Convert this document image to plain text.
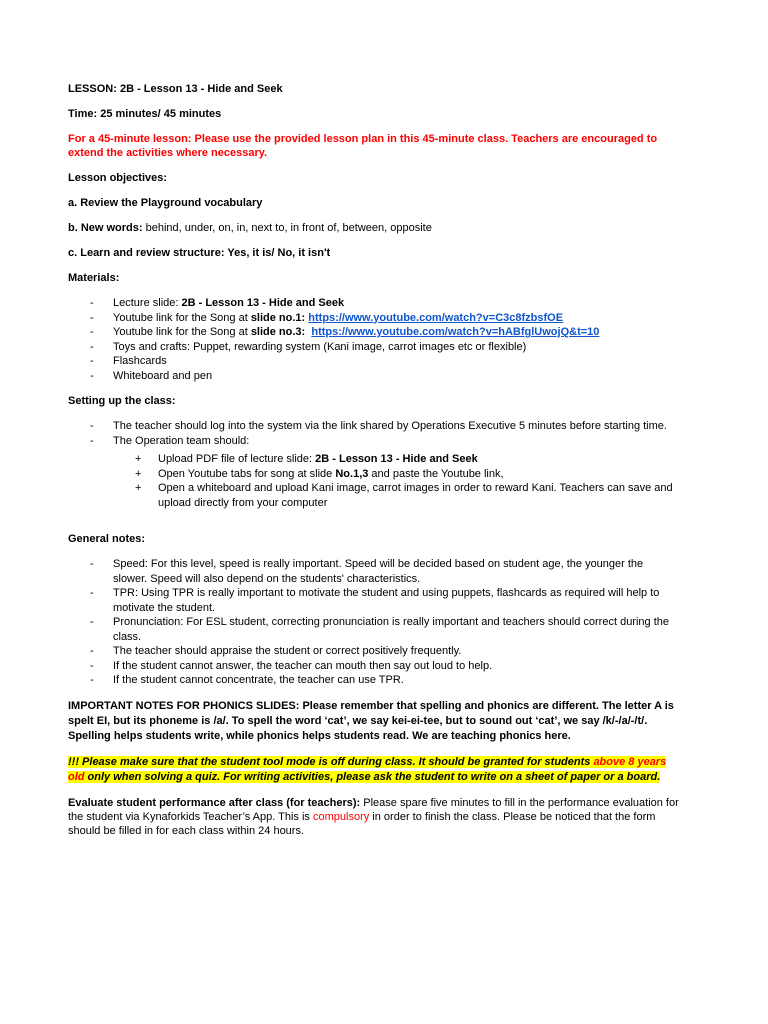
LESSON: 2B - Lesson 13 - Hide and Seek

Time: 25 minutes/ 45 minutes

For a 45-minute lesson: Please use the provided lesson plan in this 45-minute class. Teachers are encouraged to extend the activities where necessary.

Lesson objectives:

a. Review the Playground vocabulary

b. New words: behind, under, on, in, next to, in front of, between, opposite

c. Learn and review structure: Yes, it is/ No, it isn't

Materials:

- Lecture slide: 2B - Lesson 13 - Hide and Seek
- Youtube link for the Song at slide no.1: https://www.youtube.com/watch?v=C3c8fzbsfOE
- Youtube link for the Song at slide no.3: https://www.youtube.com/watch?v=hABfglUwojQ&t=10
- Toys and crafts: Puppet, rewarding system (Kani image, carrot images etc or flexible)
- Flashcards
- Whiteboard and pen

Setting up the class:

- The teacher should log into the system via the link shared by Operations Executive 5 minutes before starting time.
- The Operation team should:
+ Upload PDF file of lecture slide: 2B - Lesson 13 - Hide and Seek
+ Open Youtube tabs for song at slide No.1,3 and paste the Youtube link,
+ Open a whiteboard and upload Kani image, carrot images in order to reward Kani. Teachers can save and upload directly from your computer

General notes:

- Speed: For this level, speed is really important. Speed will be decided based on student age, the younger the slower. Speed will also depend on the students' characteristics.
- TPR: Using TPR is really important to motivate the student and using puppets, flashcards as required will help to motivate the student.
- Pronunciation: For ESL student, correcting pronunciation is really important and teachers should correct during the class.
- The teacher should appraise the student or correct positively frequently.
- If the student cannot answer, the teacher can mouth then say out loud to help.
- If the student cannot concentrate, the teacher can use TPR.

IMPORTANT NOTES FOR PHONICS SLIDES: Please remember that spelling and phonics are different. The letter A is spelt EI, but its phoneme is /a/. To spell the word ‘cat’, we say kei-ei-tee, but to sound out ‘cat’, we say /k/-/a/-/t/. Spelling helps students write, while phonics helps students read. We are teaching phonics here.

!!! Please make sure that the student tool mode is off during class. It should be granted for students above 8 years old only when solving a quiz. For writing activities, please ask the student to write on a sheet of paper or a board.

Evaluate student performance after class (for teachers): Please spare five minutes to fill in the performance evaluation for the student via Kynaforkids Teacher’s App. This is compulsory in order to finish the class. Please be noticed that the form should be filled in for each class within 24 hours.
